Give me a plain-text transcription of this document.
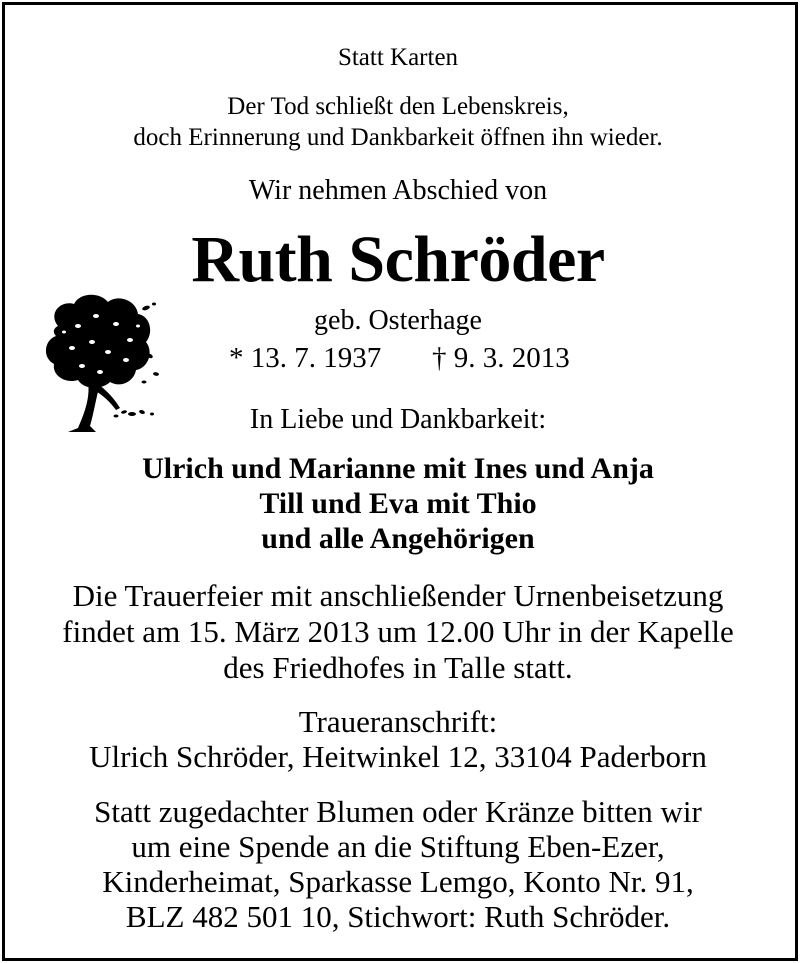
Statt Karten
Der Tod schließt den Lebenskreis,
doch Erinnerung und Dankbarkeit öffnen ihn wieder.
Wir nehmen Abschied von
Ruth Schröder
geb. Osterhage
* 13. 7. 1937 † 9. 3. 2013
In Liebe und Dankbarkeit:
Ulrich und Marianne mit Ines und Anja
Till und Eva mit Thio
und alle Angehörigen
Die Trauerfeier mit anschließender Urnenbeisetzung
findet am 15. März 2013 um 12.00 Uhr in der Kapelle
des Friedhofes in Talle statt.
Traueranschrift:
Ulrich Schröder, Heitwinkel 12, 33104 Paderborn
Statt zugedachter Blumen oder Kränze bitten wir
um eine Spende an die Stiftung Eben-Ezer,
Kinderheimat, Sparkasse Lemgo, Konto Nr. 91,
BLZ 482 501 10, Stichwort: Ruth Schröder.
